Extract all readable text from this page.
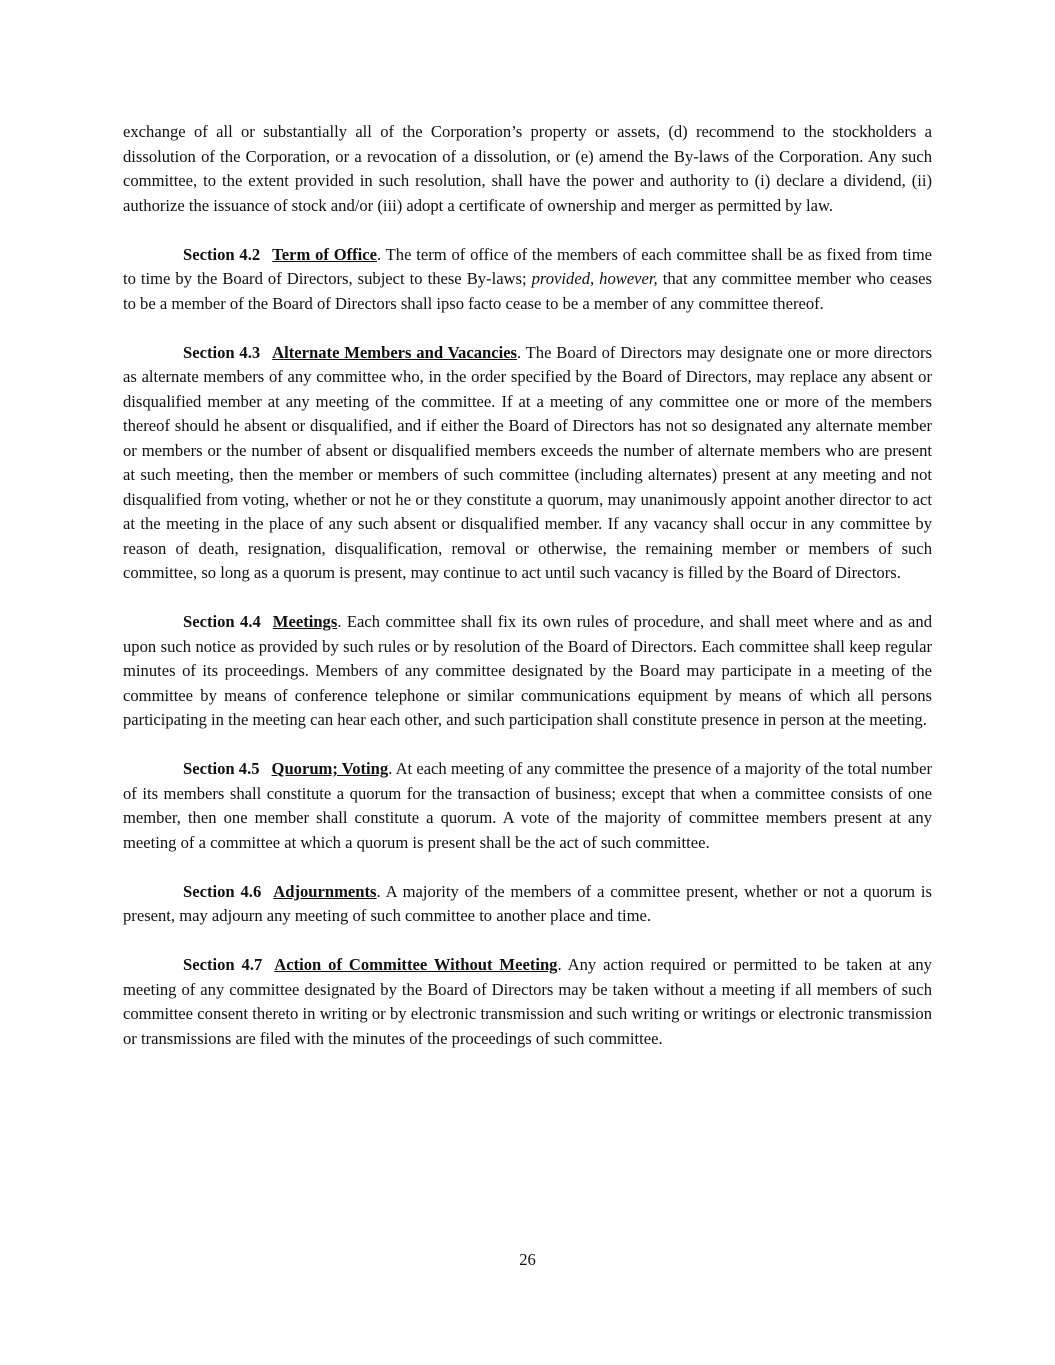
exchange of all or substantially all of the Corporation’s property or assets, (d) recommend to the stockholders a dissolution of the Corporation, or a revocation of a dissolution, or (e) amend the By-laws of the Corporation. Any such committee, to the extent provided in such resolution, shall have the power and authority to (i) declare a dividend, (ii) authorize the issuance of stock and/or (iii) adopt a certificate of ownership and merger as permitted by law.

Section 4.2 Term of Office. The term of office of the members of each committee shall be as fixed from time to time by the Board of Directors, subject to these By-laws; provided, however, that any committee member who ceases to be a member of the Board of Directors shall ipso facto cease to be a member of any committee thereof.

Section 4.3 Alternate Members and Vacancies. The Board of Directors may designate one or more directors as alternate members of any committee who, in the order specified by the Board of Directors, may replace any absent or disqualified member at any meeting of the committee. If at a meeting of any committee one or more of the members thereof should he absent or disqualified, and if either the Board of Directors has not so designated any alternate member or members or the number of absent or disqualified members exceeds the number of alternate members who are present at such meeting, then the member or members of such committee (including alternates) present at any meeting and not disqualified from voting, whether or not he or they constitute a quorum, may unanimously appoint another director to act at the meeting in the place of any such absent or disqualified member. If any vacancy shall occur in any committee by reason of death, resignation, disqualification, removal or otherwise, the remaining member or members of such committee, so long as a quorum is present, may continue to act until such vacancy is filled by the Board of Directors.

Section 4.4 Meetings. Each committee shall fix its own rules of procedure, and shall meet where and as and upon such notice as provided by such rules or by resolution of the Board of Directors. Each committee shall keep regular minutes of its proceedings. Members of any committee designated by the Board may participate in a meeting of the committee by means of conference telephone or similar communications equipment by means of which all persons participating in the meeting can hear each other, and such participation shall constitute presence in person at the meeting.

Section 4.5 Quorum; Voting. At each meeting of any committee the presence of a majority of the total number of its members shall constitute a quorum for the transaction of business; except that when a committee consists of one member, then one member shall constitute a quorum. A vote of the majority of committee members present at any meeting of a committee at which a quorum is present shall be the act of such committee.

Section 4.6 Adjournments. A majority of the members of a committee present, whether or not a quorum is present, may adjourn any meeting of such committee to another place and time.

Section 4.7 Action of Committee Without Meeting. Any action required or permitted to be taken at any meeting of any committee designated by the Board of Directors may be taken without a meeting if all members of such committee consent thereto in writing or by electronic transmission and such writing or writings or electronic transmission or transmissions are filed with the minutes of the proceedings of such committee.

26
